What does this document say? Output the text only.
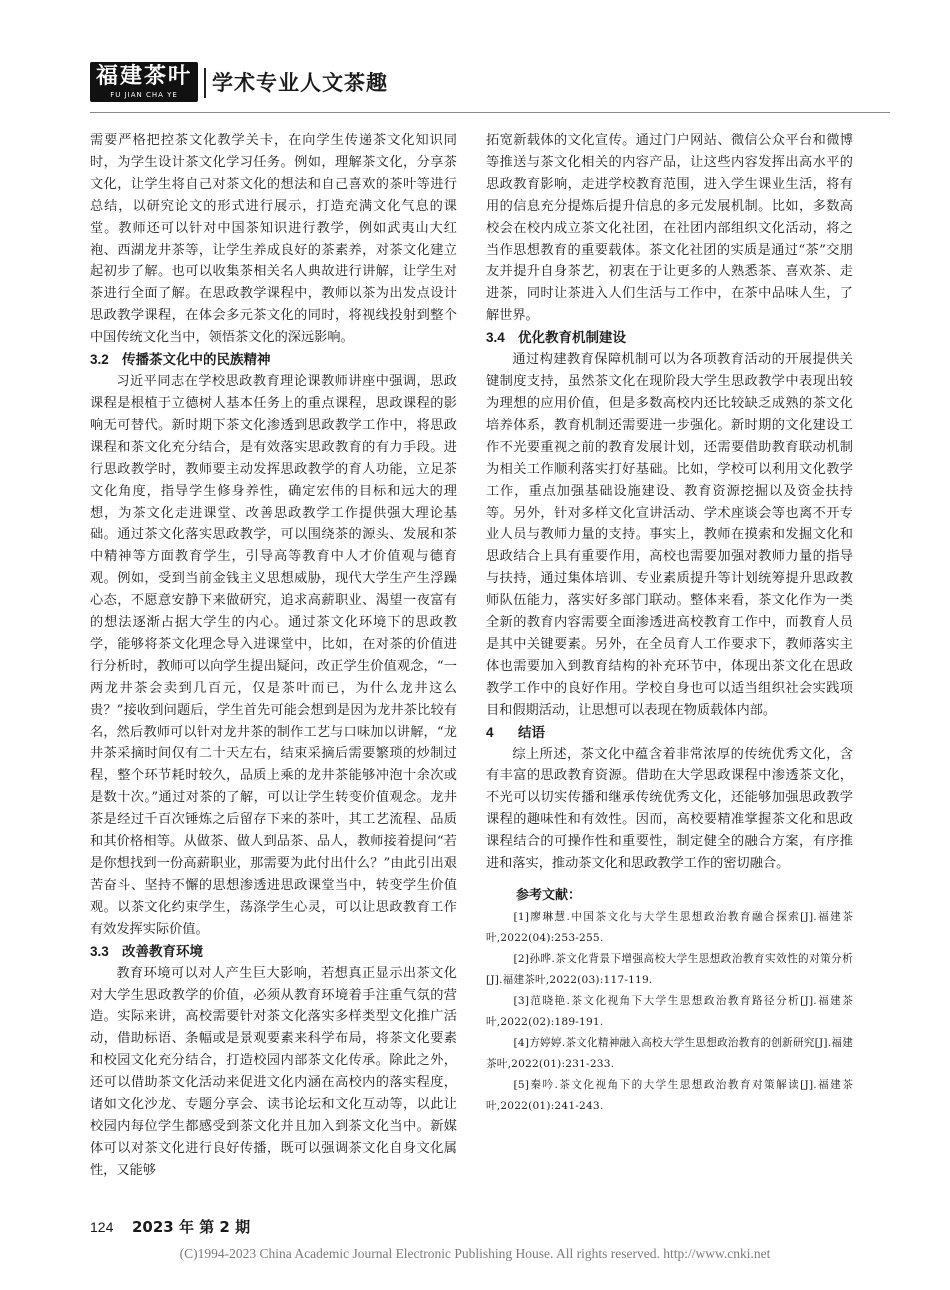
福建茶叶
FU JIAN CHA YE	学术专业人文茶趣

需要严格把控茶文化教学关卡，在向学生传递茶文化知识同时，为学生设计茶文化学习任务。例如，理解茶文化，分享茶文化，让学生将自己对茶文化的想法和自己喜欢的茶叶等进行总结，以研究论文的形式进行展示，打造充满文化气息的课堂。教师还可以针对中国茶知识进行教学，例如武夷山大红袍、西湖龙井茶等，让学生养成良好的茶素养，对茶文化建立起初步了解。也可以收集茶相关名人典故进行讲解，让学生对茶进行全面了解。在思政教学课程中，教师以茶为出发点设计思政教学课程，在体会多元茶文化的同时，将视线投射到整个中国传统文化当中，领悟茶文化的深远影响。

3.2 传播茶文化中的民族精神

习近平同志在学校思政教育理论课教师讲座中强调，思政课程是根植于立德树人基本任务上的重点课程，思政课程的影响无可替代。新时期下茶文化渗透到思政教学工作中，将思政课程和茶文化充分结合，是有效落实思政教育的有力手段。进行思政教学时，教师要主动发挥思政教学的育人功能，立足茶文化角度，指导学生修身养性，确定宏伟的目标和远大的理想，为茶文化走进课堂、改善思政教学工作提供强大理论基础。通过茶文化落实思政教学，可以围绕茶的源头、发展和茶中精神等方面教育学生，引导高等教育中人才价值观与德育观。例如，受到当前金钱主义思想威胁，现代大学生产生浮躁心态，不愿意安静下来做研究，追求高薪职业、渴望一夜富有的想法逐渐占据大学生的内心。通过茶文化环境下的思政教学，能够将茶文化理念导入进课堂中，比如，在对茶的价值进行分析时，教师可以向学生提出疑问，改正学生价值观念，“一两龙井茶会卖到几百元，仅是茶叶而已，为什么龙井这么贵？”接收到问题后，学生首先可能会想到是因为龙井茶比较有名，然后教师可以针对龙井茶的制作工艺与口味加以讲解，“龙井茶采摘时间仅有二十天左右，结束采摘后需要繁琐的炒制过程，整个环节耗时较久，品质上乘的龙井茶能够冲泡十余次或是数十次。”通过对茶的了解，可以让学生转变价值观念。龙井茶是经过千百次锤炼之后留存下来的茶叶，其工艺流程、品质和其价格相等。从做茶、做人到品茶、品人，教师接着提问“若是你想找到一份高薪职业，那需要为此付出什么？”由此引出艰苦奋斗、坚持不懈的思想渗透进思政课堂当中，转变学生价值观。以茶文化约束学生，荡涤学生心灵，可以让思政教育工作有效发挥实际价值。

3.3 改善教育环境

教育环境可以对人产生巨大影响，若想真正显示出茶文化对大学生思政教学的价值，必须从教育环境着手注重气氛的营造。实际来讲，高校需要针对茶文化落实多样类型文化推广活动，借助标语、条幅或是景观要素来科学布局，将茶文化要素和校园文化充分结合，打造校园内部茶文化传承。除此之外，还可以借助茶文化活动来促进文化内涵在高校内的落实程度，诸如文化沙龙、专题分享会、读书论坛和文化互动等，以此让校园内每位学生都感受到茶文化并且加入到茶文化当中。新媒体可以对茶文化进行良好传播，既可以强调茶文化自身文化属性，又能够

拓宽新载体的文化宣传。通过门户网站、微信公众平台和微博等推送与茶文化相关的内容产品，让这些内容发挥出高水平的思政教育影响，走进学校教育范围，进入学生课业生活，将有用的信息充分提炼后提升信息的多元发展机制。比如，多数高校会在校内成立茶文化社团，在社团内部组织文化活动，将之当作思想教育的重要载体。茶文化社团的实质是通过“茶”交朋友并提升自身茶艺，初衷在于让更多的人熟悉茶、喜欢茶、走进茶，同时让茶进入人们生活与工作中，在茶中品味人生，了解世界。

3.4 优化教育机制建设

通过构建教育保障机制可以为各项教育活动的开展提供关键制度支持，虽然茶文化在现阶段大学生思政教学中表现出较为理想的应用价值，但是多数高校内还比较缺乏成熟的茶文化培养体系，教育机制还需要进一步强化。新时期的文化建设工作不光要重视之前的教育发展计划，还需要借助教育联动机制为相关工作顺利落实打好基础。比如，学校可以利用文化教学工作，重点加强基础设施建设、教育资源挖掘以及资金扶持等。另外，针对多样文化宣讲活动、学术座谈会等也离不开专业人员与教师力量的支持。事实上，教师在摸索和发掘文化和思政结合上具有重要作用，高校也需要加强对教师力量的指导与扶持，通过集体培训、专业素质提升等计划统筹提升思政教师队伍能力，落实好多部门联动。整体来看，茶文化作为一类全新的教育内容需要全面渗透进高校教育工作中，而教育人员是其中关键要素。另外，在全员育人工作要求下，教师落实主体也需要加入到教育结构的补充环节中，体现出茶文化在思政教学工作中的良好作用。学校自身也可以适当组织社会实践项目和假期活动，让思想可以表现在物质载体内部。

4 结语

综上所述，茶文化中蕴含着非常浓厚的传统优秀文化，含有丰富的思政教育资源。借助在大学思政课程中渗透茶文化，不光可以切实传播和继承传统优秀文化，还能够加强思政教学课程的趣味性和有效性。因而，高校要精准掌握茶文化和思政课程结合的可操作性和重要性，制定健全的融合方案，有序推进和落实，推动茶文化和思政教学工作的密切融合。

参考文献：
[1]廖琳慧.中国茶文化与大学生思想政治教育融合探索[J].福建茶叶,2022(04):253-255.
[2]孙晔.茶文化背景下增强高校大学生思想政治教育实效性的对策分析[J].福建茶叶,2022(03):117-119.
[3]范晓艳.茶文化视角下大学生思想政治教育路径分析[J].福建茶叶,2022(02):189-191.
[4]方婷婷.茶文化精神融入高校大学生思想政治教育的创新研究[J].福建茶叶,2022(01):231-233.
[5]秦吟.茶文化视角下的大学生思想政治教育对策解读[J].福建茶叶,2022(01):241-243.
124 2023 年 第 2 期
(C)1994-2023 China Academic Journal Electronic Publishing House. All rights reserved. http://www.cnki.net
